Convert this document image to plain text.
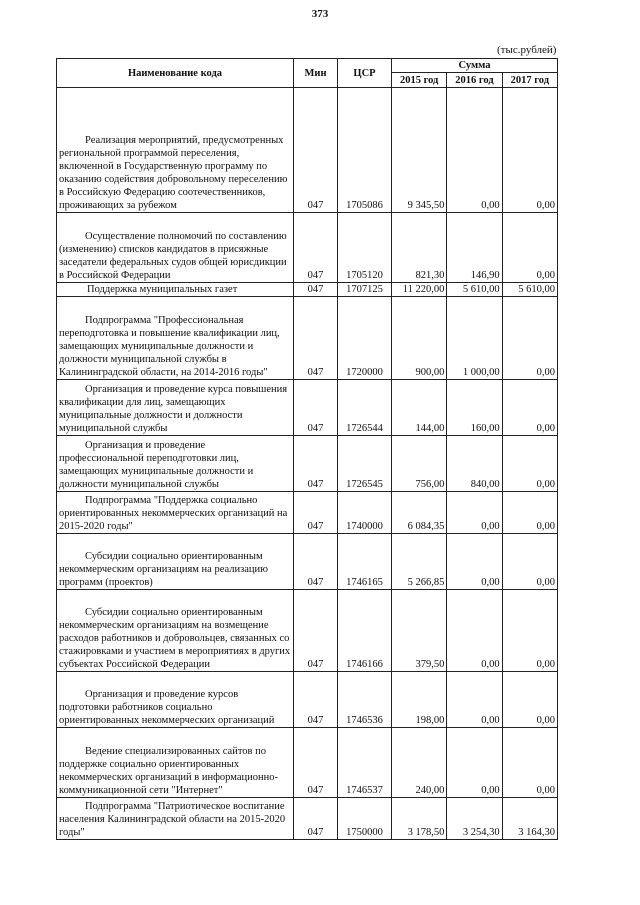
373
(тыс.рублей)
Наименование кода	Мин	ЦСР	Сумма		
			2015 год	2016 год	2017 год
Реализация мероприятий, предусмотренных региональной программой переселения, включенной в Государственную программу по оказанию содействия добровольному переселению в Российскую Федерацию соотечественников, проживающих за рубежом	047	1705086	9 345,50	0,00	0,00
Осуществление полномочий по составлению (изменению) списков кандидатов в присяжные заседатели федеральных судов общей юрисдикции в Российской Федерации	047	1705120	821,30	146,90	0,00
Поддержка муниципальных газет	047	1707125	11 220,00	5 610,00	5 610,00
Подпрограмма "Профессиональная переподготовка и повышение квалификации лиц, замещающих муниципальные должности и должности муниципальной службы в Калининградской области, на 2014-2016 годы"	047	1720000	900,00	1 000,00	0,00
Организация и проведение курса повышения квалификации для лиц, замещающих муниципальные должности и должности муниципальной службы	047	1726544	144,00	160,00	0,00
Организация и проведение профессиональной переподготовки лиц, замещающих муниципальные должности и должности муниципальной службы	047	1726545	756,00	840,00	0,00
Подпрограмма "Поддержка социально ориентированных некоммерческих организаций на 2015-2020 годы"	047	1740000	6 084,35	0,00	0,00
Субсидии социально ориентированным некоммерческим организациям на реализацию программ (проектов)	047	1746165	5 266,85	0,00	0,00
Субсидии социально ориентированным некоммерческим организациям на возмещение расходов работников и добровольцев, связанных со стажировками и участием в мероприятиях в других субъектах Российской Федерации	047	1746166	379,50	0,00	0,00
Организация и проведение курсов подготовки работников социально ориентированных некоммерческих организаций	047	1746536	198,00	0,00	0,00
Ведение специализированных сайтов по поддержке социально ориентированных некоммерческих организаций в информационно-коммуникационной сети "Интернет"	047	1746537	240,00	0,00	0,00
Подпрограмма "Патриотическое воспитание населения Калининградской области на 2015-2020 годы"	047	1750000	3 178,50	3 254,30	3 164,30
